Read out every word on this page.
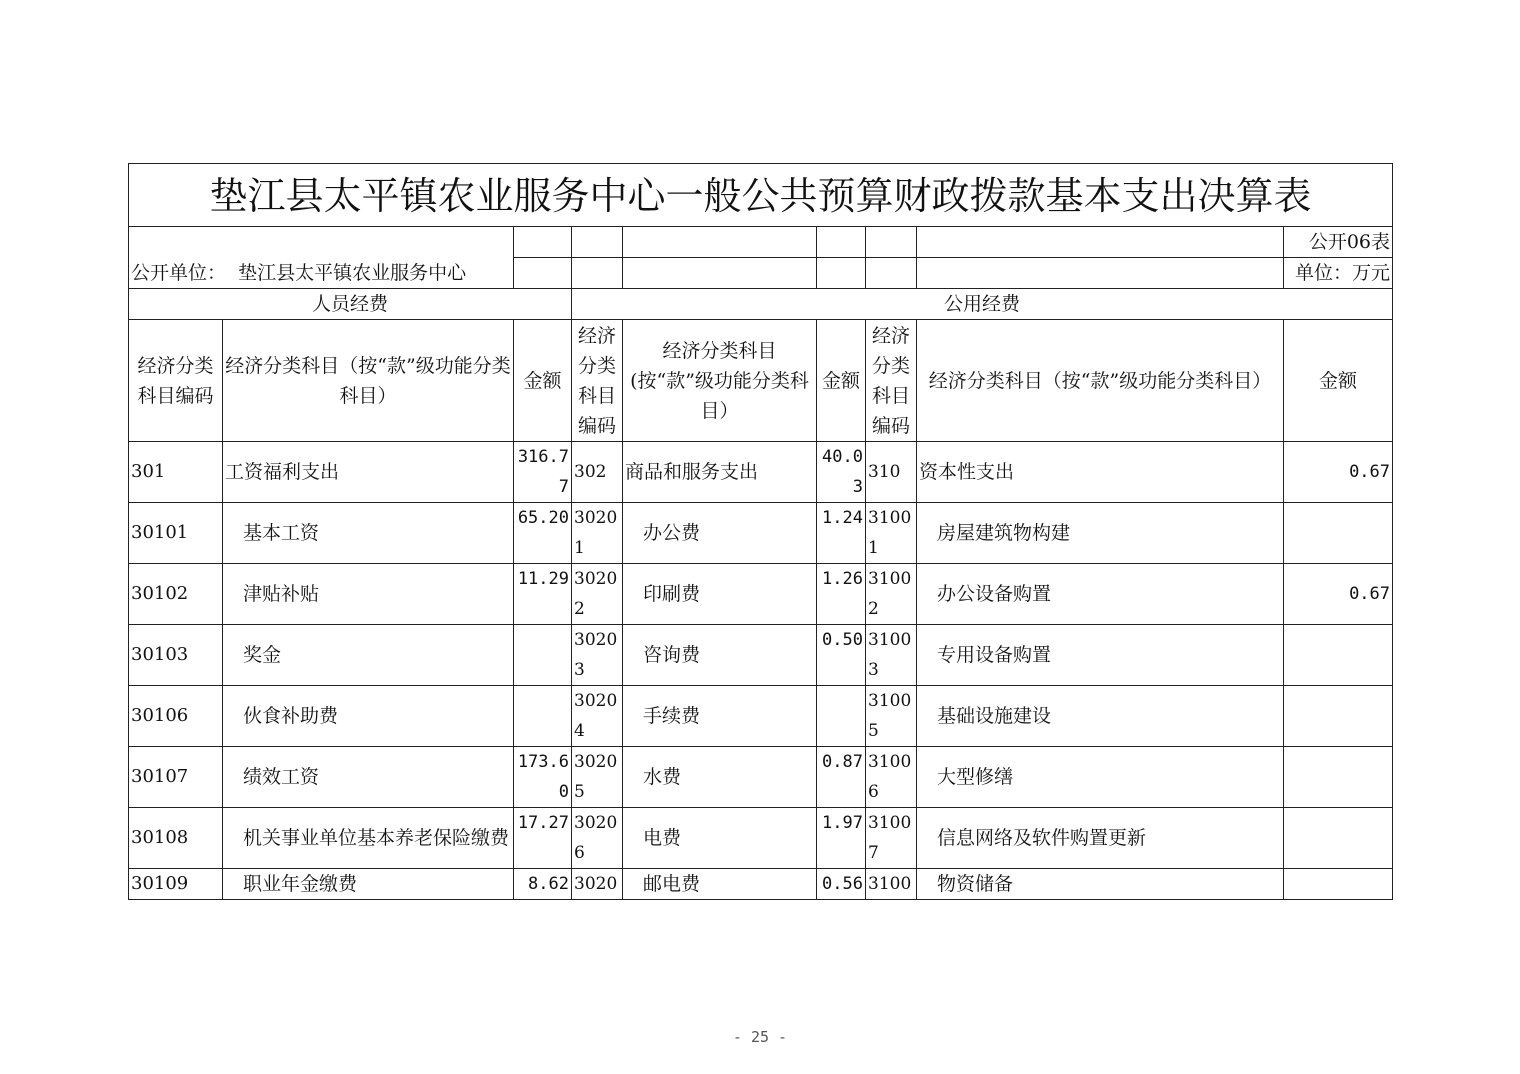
垫江县太平镇农业服务中心一般公共预算财政拨款基本支出决算表								
								公开06表
公开单位： 垫江县太平镇农业服务中心								单位：万元
人员经费			公用经费					
经济分类科目编码	经济分类科目（按“款”级功能分类科目）	金额	经济分类科目编码	经济分类科目(按“款”级功能分类科目）	金额	经济分类科目编码	经济分类科目（按“款”级功能分类科目）	金额
301	工资福利支出	316.77	302	商品和服务支出	40.03	310	资本性支出	0.67
30101	基本工资	65.20	30201	办公费	1.24	31001	房屋建筑物构建	
30102	津贴补贴	11.29	30202	印刷费	1.26	31002	办公设备购置	0.67
30103	奖金		30203	咨询费	0.50	31003	专用设备购置	
30106	伙食补助费		30204	手续费		31005	基础设施建设	
30107	绩效工资	173.60	30205	水费	0.87	31006	大型修缮	
30108	机关事业单位基本养老保险缴费	17.27	30206	电费	1.97	31007	信息网络及软件购置更新	
30109	职业年金缴费	8.62	3020	邮电费	0.56	3100	物资储备	
- 25 -
